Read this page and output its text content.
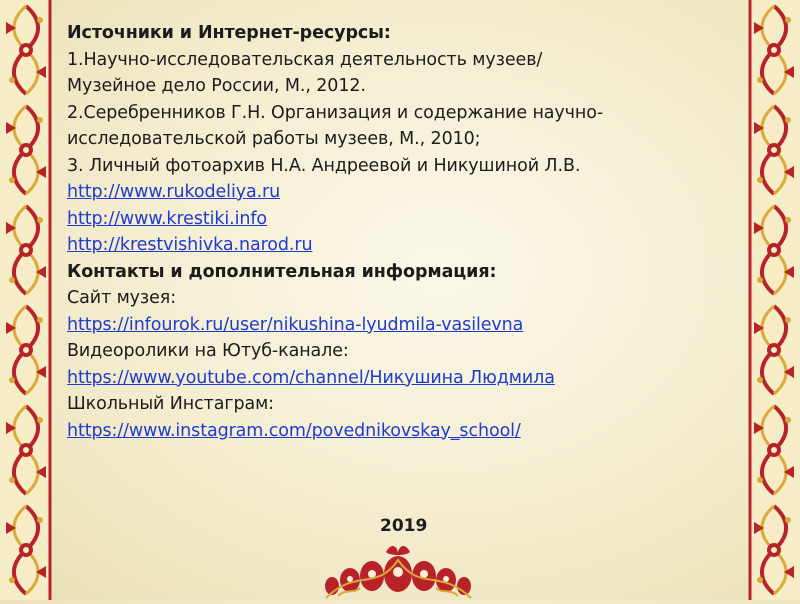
Источники и Интернет-ресурсы:
1.Научно-исследовательская деятельность музеев/
Музейное дело России, М., 2012.
2.Серебренников Г.Н. Организация и содержание научно-
исследовательской работы музеев, М., 2010;
3. Личный фотоархив Н.А. Андреевой и Никушиной Л.В.
http://www.rukodeliya.ru
http://www.krestiki.info
http://krestvishivka.narod.ru
Контакты и дополнительная информация:
Сайт музея:
https://infourok.ru/user/nikushina-lyudmila-vasilevna
Видеоролики на Ютуб-канале:
https://www.youtube.com/channel/Никушина Людмила
Школьный Инстаграм:
https://www.instagram.com/povednikovskay_school/
2019
